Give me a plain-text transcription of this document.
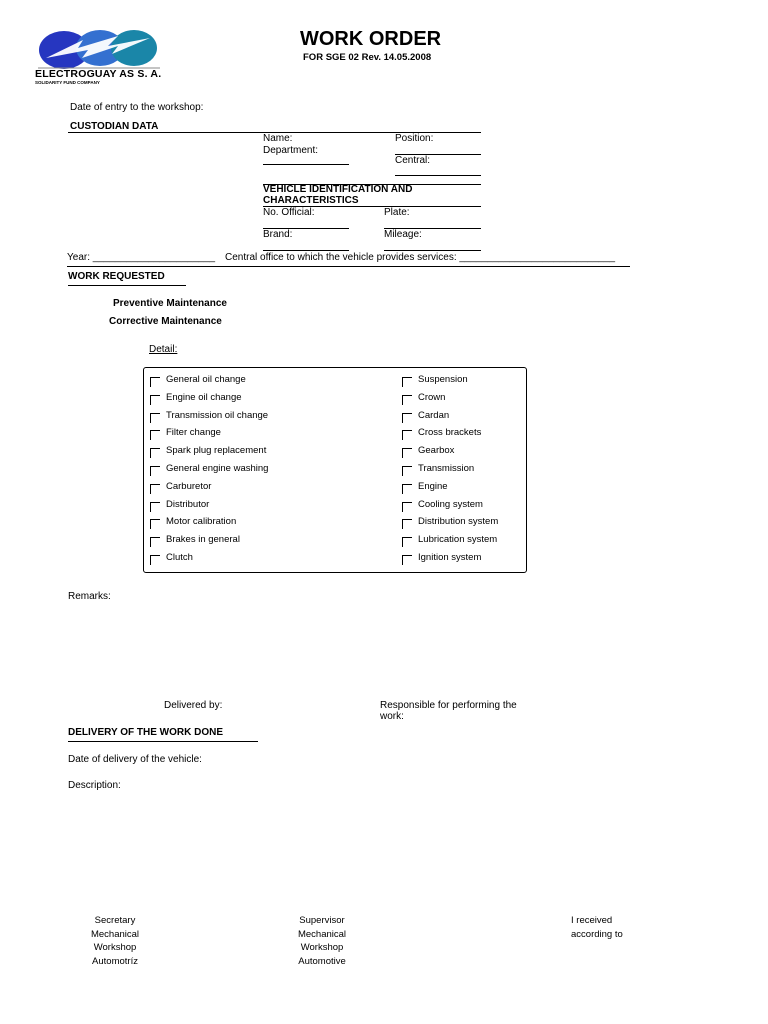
ELECTROGUAY AS S. A.
SOLIDARITY FUND COMPANY
WORK ORDER
FOR SGE 02 Rev. 14.05.2008
Date of entry to the workshop:
CUSTODIAN DATA
Name:	Position:
Department:
Central:
VEHICLE IDENTIFICATION AND
CHARACTERISTICS
No. Official:	Plate:
Brand:	Mileage:
Year: ______________________ Central office to which the vehicle provides services: ____________________________
WORK REQUESTED
Preventive Maintenance
Corrective Maintenance
Detail:
General oil change
Engine oil change
Transmission oil change
Filter change
Spark plug replacement
General engine washing
Carburetor
Distributor
Motor calibration
Brakes in general
Clutch
Suspension
Crown
Cardan
Cross brackets
Gearbox
Transmission
Engine
Cooling system
Distribution system
Lubrication system
Ignition system
Remarks:
Delivered by:	Responsible for performing the
work:
DELIVERY OF THE WORK DONE
Date of delivery of the vehicle:
Description:
Secretary
Mechanical
Workshop
Automotríz
Supervisor
Mechanical
Workshop
Automotive
I received
according to
